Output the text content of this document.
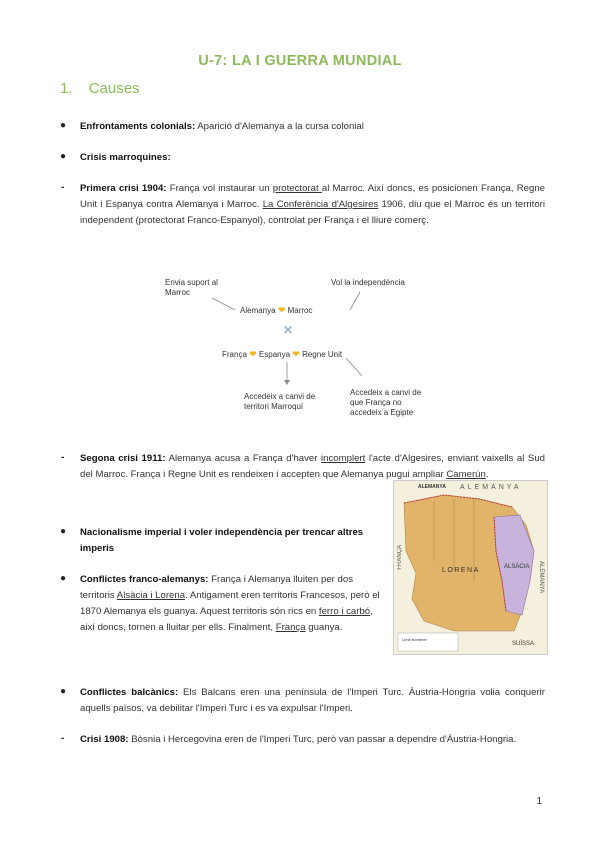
U-7: LA I GUERRA MUNDIAL
1. Causes
● Enfrontaments colonials: Aparició d'Alemanya a la cursa colonial
● Crisis marroquines:
- Primera crisi 1904: França vol instaurar un protectorat al Marroc. Així doncs, es posicionen França, Regne Unit i Espanya contra Alemanya i Marroc. La Conferència d'Algesires 1906, diu que el Marroc és un territori independent (protectorat Franco-Espanyol), controlat per França i el lliure comerç.
Envia suport al Marroc
Vol la independència
Alemanya ❤ Marroc
✕
França ❤ Espanya ❤ Regne Unit
Accedeix a canvi de territori Marroquí
Accedeix a canvi de que França no accedeix a Egipte
- Segona crisi 1911: Alemanya acusa a França d'haver incomplert l'acte d'Algesires, enviant vaixells al Sud del Marroc. França i Regne Unit es rendeixen i accepten que Alemanya pugui ampliar Camerún.
ALEMANYA ALEMANYA
FRANÇA
LORENA	ALSÀCIA ALEMANYA
SUÏSSA
Límit fronterer
● Nacionalisme imperial i voler independència per trencar altres imperis
● Conflictes franco-alemanys: França i Alemanya lluiten per dos territoris Alsàcia i Lorena. Antigament eren territoris Francesos, però el 1870 Alemanya els guanya. Aquest territoris són rics en ferro i carbó, així doncs, tornen a lluitar per ells. Finalment, França guanya.
● Conflictes balcànics: Els Balcans eren una península de l'Imperi Turc. Àustria-Hongria volia conquerir aquells països, va debilitar l'Imperi Turc i es va expulsar l'Imperi.
- Crisi 1908: Bòsnia i Hercegovina eren de l'Imperi Turc, però van passar a dependre d'Àustria-Hongria.
1
